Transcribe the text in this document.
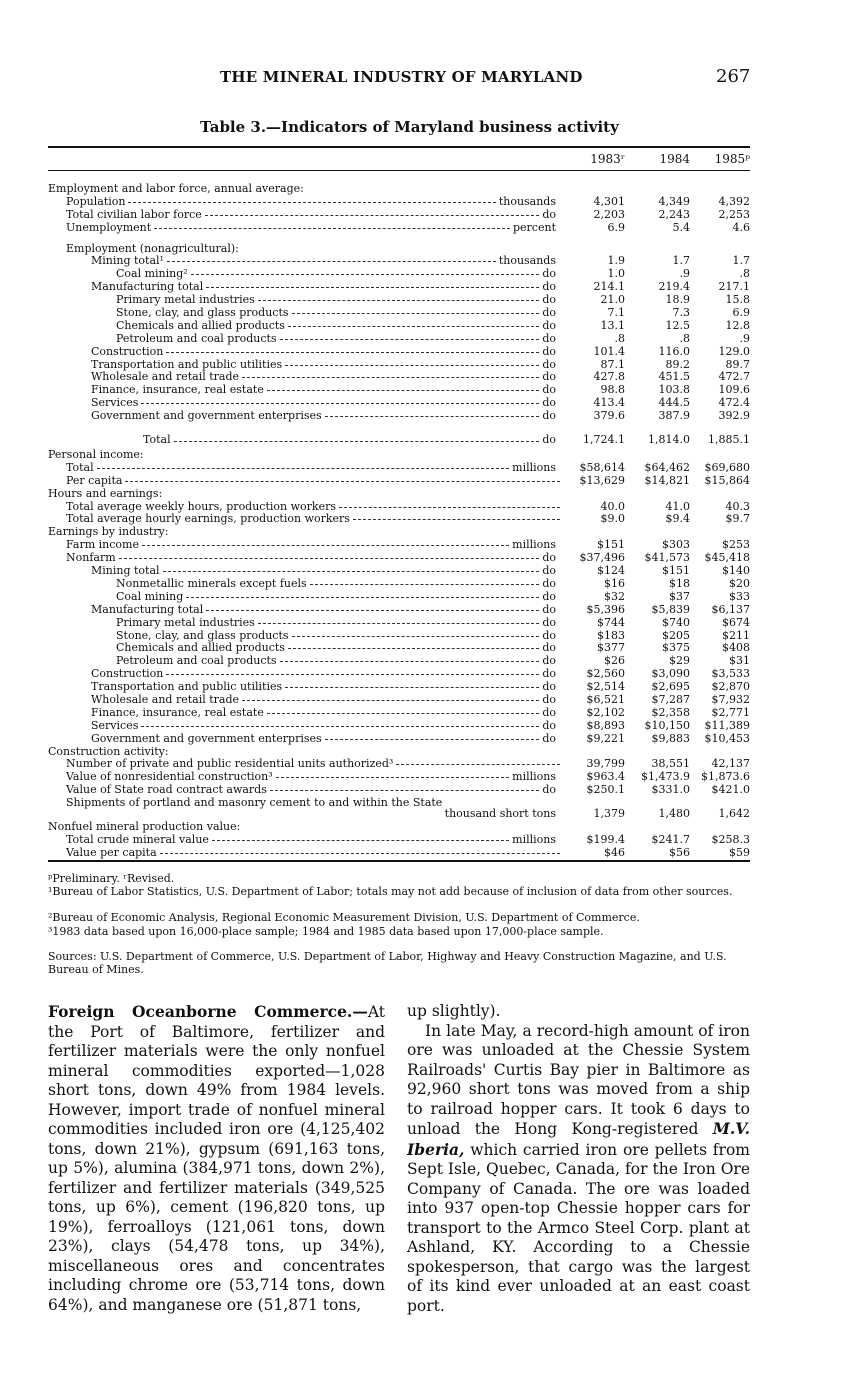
THE MINERAL INDUSTRY OF MARYLAND	267
Table 3.—Indicators of Maryland business activity
1983ʳ	1984	1985ᵖ
Employment and labor force, annual average:
Population	thousands	4,301	4,349	4,392
Total civilian labor force	do	2,203	2,243	2,253
Unemployment	percent	6.9	5.4	4.6
Employment (nonagricultural):
Mining total¹	thousands	1.9	1.7	1.7
Coal mining²	do	1.0	.9	.8
Manufacturing total	do	214.1	219.4	217.1
Primary metal industries	do	21.0	18.9	15.8
Stone, clay, and glass products	do	7.1	7.3	6.9
Chemicals and allied products	do	13.1	12.5	12.8
Petroleum and coal products	do	.8	.8	.9
Construction	do	101.4	116.0	129.0
Transportation and public utilities	do	87.1	89.2	89.7
Wholesale and retail trade	do	427.8	451.5	472.7
Finance, insurance, real estate	do	98.8	103.8	109.6
Services	do	413.4	444.5	472.4
Government and government enterprises	do	379.6	387.9	392.9
Total	do	1,724.1	1,814.0	1,885.1
Personal income:
Total	millions	$58,614	$64,462	$69,680
Per capita	$13,629	$14,821	$15,864
Hours and earnings:
Total average weekly hours, production workers	40.0	41.0	40.3
Total average hourly earnings, production workers	$9.0	$9.4	$9.7
Earnings by industry:
Farm income	millions	$151	$303	$253
Nonfarm	do	$37,496	$41,573	$45,418
Mining total	do	$124	$151	$140
Nonmetallic minerals except fuels	do	$16	$18	$20
Coal mining	do	$32	$37	$33
Manufacturing total	do	$5,396	$5,839	$6,137
Primary metal industries	do	$744	$740	$674
Stone, clay, and glass products	do	$183	$205	$211
Chemicals and allied products	do	$377	$375	$408
Petroleum and coal products	do	$26	$29	$31
Construction	do	$2,560	$3,090	$3,533
Transportation and public utilities	do	$2,514	$2,695	$2,870
Wholesale and retail trade	do	$6,521	$7,287	$7,932
Finance, insurance, real estate	do	$2,102	$2,358	$2,771
Services	do	$8,893	$10,150	$11,389
Government and government enterprises	do	$9,221	$9,883	$10,453
Construction activity:
Number of private and public residential units authorized³	39,799	38,551	42,137
Value of nonresidential construction³	millions	$963.4	$1,473.9	$1,873.6
Value of State road contract awards	do	$250.1	$331.0	$421.0
Shipments of portland and masonry cement to and within the State
thousand short tons	1,379	1,480	1,642
Nonfuel mineral production value:
Total crude mineral value	millions	$199.4	$241.7	$258.3
Value per capita	$46	$56	$59
ᵖPreliminary. ʳRevised.
¹Bureau of Labor Statistics, U.S. Department of Labor; totals may not add because of inclusion of data from other sources.
²Bureau of Economic Analysis, Regional Economic Measurement Division, U.S. Department of Commerce.
³1983 data based upon 16,000-place sample; 1984 and 1985 data based upon 17,000-place sample.
Sources: U.S. Department of Commerce, U.S. Department of Labor, Highway and Heavy Construction Magazine, and U.S. Bureau of Mines.

Foreign Oceanborne Commerce.—At the Port of Baltimore, fertilizer and fertilizer materials were the only nonfuel mineral commodities exported—1,028 short tons, down 49% from 1984 levels. However, import trade of nonfuel mineral commodities included iron ore (4,125,402 tons, down 21%), gypsum (691,163 tons, up 5%), alumina (384,971 tons, down 2%), fertilizer and fertilizer materials (349,525 tons, up 6%), cement (196,820 tons, up 19%), ferroalloys (121,061 tons, down 23%), clays (54,478 tons, up 34%), miscellaneous ores and concentrates including chrome ore (53,714 tons, down 64%), and manganese ore (51,871 tons,

up slightly).

In late May, a record-high amount of iron ore was unloaded at the Chessie System Railroads' Curtis Bay pier in Baltimore as 92,960 short tons was moved from a ship to railroad hopper cars. It took 6 days to unload the Hong Kong-registered M.V. Iberia, which carried iron ore pellets from Sept Isle, Quebec, Canada, for the Iron Ore Company of Canada. The ore was loaded into 937 open-top Chessie hopper cars for transport to the Armco Steel Corp. plant at Ashland, KY. According to a Chessie spokesperson, that cargo was the largest of its kind ever unloaded at an east coast port.
